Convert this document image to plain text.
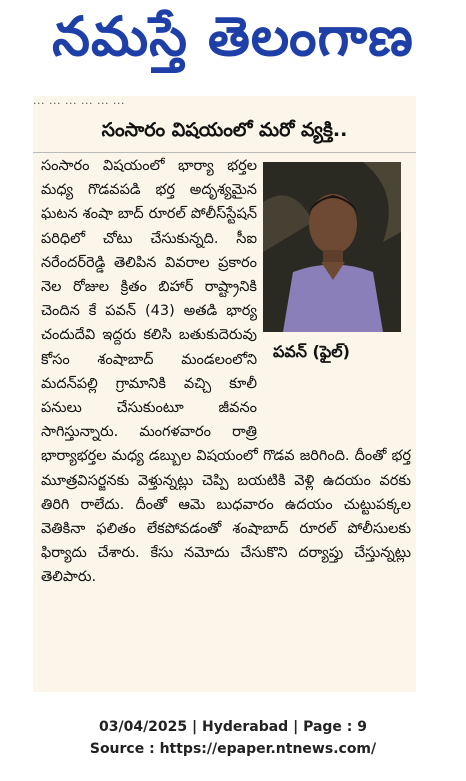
నమస్తే తెలంగాణ
... ... ... ... ... ...
సంసారం విషయంలో మరో వ్యక్తి..
పవన్ (ఫైల్)
సంసారం విషయంలో భార్యా భర్తల మధ్య గొడవపడి భర్త అదృశ్యమైన ఘటన శంషా బాద్ రూరల్ పోలీస్‌స్టేషన్ పరిధిలో చోటు చేసుకున్నది. సీఐ నరేందర్‌రెడ్డి తెలిపిన వివరాల ప్రకారం నెల రోజుల క్రితం బిహార్ రాష్ట్రానికి చెందిన కే పవన్ (43) అతడి భార్య చందుదేవి ఇద్దరు కలిసి బతుకుదెరువు కోసం శంషాబాద్ మండలంలోని మదన్‌పల్లి గ్రామానికి వచ్చి కూలీ పనులు చేసుకుంటూ జీవనం సాగిస్తున్నారు. మంగళవారం రాత్రి భార్యాభర్తల మధ్య డబ్బుల విషయంలో గొడవ జరిగింది. దీంతో భర్త మూత్రవిసర్జనకు వెళ్తున్నట్లు చెప్పి బయటికి వెళ్లి ఉదయం వరకు తిరిగి రాలేదు. దీంతో ఆమె బుధవారం ఉదయం చుట్టుపక్కల వెతికినా ఫలితం లేకపోవడంతో శంషాబాద్ రూరల్ పోలీసులకు ఫిర్యాదు చేశారు. కేసు నమోదు చేసుకొని దర్యాప్తు చేస్తున్నట్లు తెలిపారు.
03/04/2025 | Hyderabad | Page : 9
Source : https://epaper.ntnews.com/
